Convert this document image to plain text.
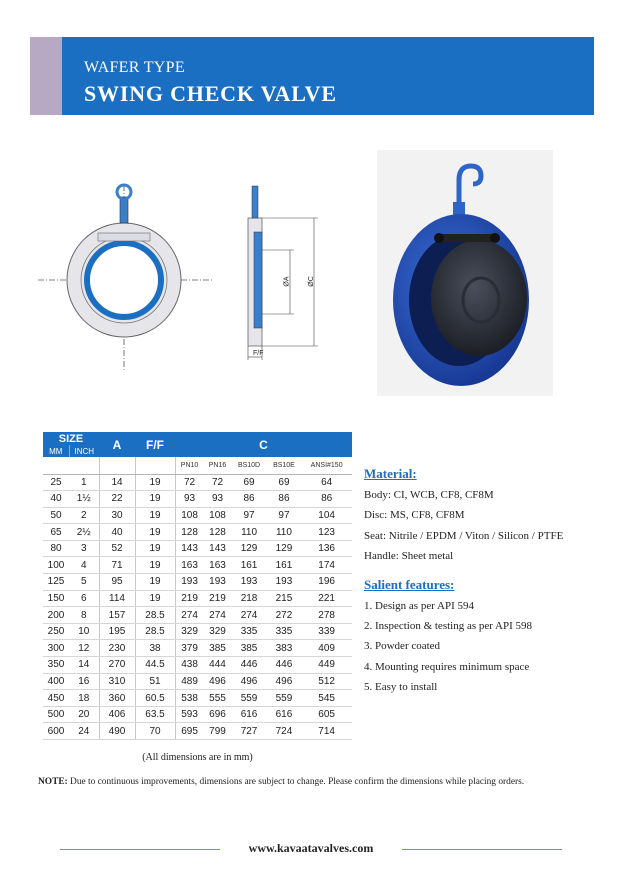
WAFER TYPE
SWING CHECK VALVE
ØA ØC
F/F
SIZE		A	F/F	C				
MM	INCH							
				PN10	PN16	BS10D	BS10E	ANSI#150
25	1	14	19	72	72	69	69	64
40	1½	22	19	93	93	86	86	86
50	2	30	19	108	108	97	97	104
65	2½	40	19	128	128	110	110	123
80	3	52	19	143	143	129	129	136
100	4	71	19	163	163	161	161	174
125	5	95	19	193	193	193	193	196
150	6	114	19	219	219	218	215	221
200	8	157	28.5	274	274	274	272	278
250	10	195	28.5	329	329	335	335	339
300	12	230	38	379	385	385	383	409
350	14	270	44.5	438	444	446	446	449
400	16	310	51	489	496	496	496	512
450	18	360	60.5	538	555	559	559	545
500	20	406	63.5	593	696	616	616	605
600	24	490	70	695	799	727	724	714
(All dimensions are in mm)
Material:
Body: CI, WCB, CF8, CF8M
Disc: MS, CF8, CF8M
Seat: Nitrile / EPDM / Viton / Silicon / PTFE
Handle: Sheet metal
Salient features:
1. Design as per API 594
2. Inspection & testing as per API 598
3. Powder coated
4. Mounting requires minimum space
5. Easy to install
NOTE: Due to continuous improvements, dimensions are subject to change. Please confirm the dimensions while placing orders.
www.kavaatavalves.com
